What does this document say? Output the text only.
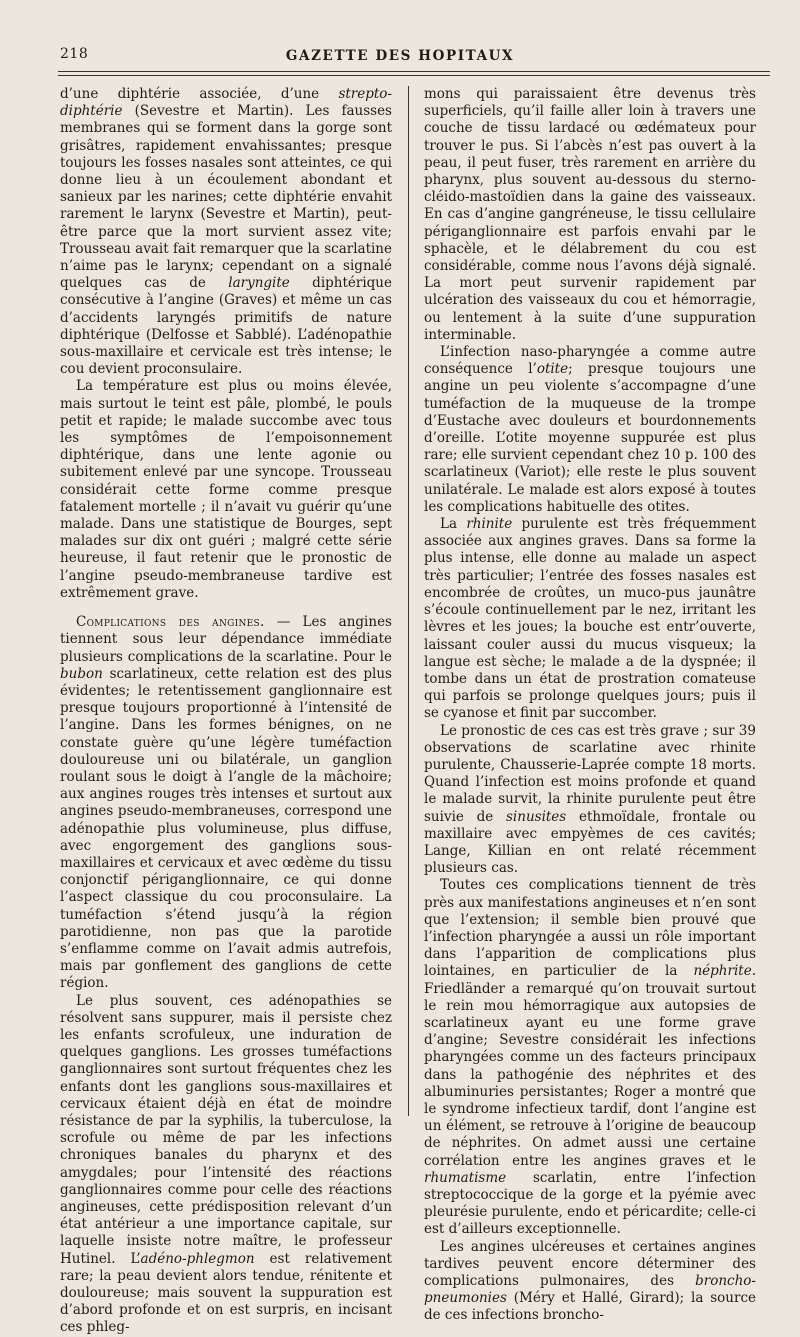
218	GAZETTE DES HOPITAUX

d’une diphtérie associée, d’une strepto-diphtérie (Sevestre et Martin). Les fausses membranes qui se forment dans la gorge sont grisâtres, rapidement envahissantes; presque toujours les fosses nasales sont atteintes, ce qui donne lieu à un écoulement abondant et sanieux par les narines; cette diphtérie envahit rarement le larynx (Sevestre et Martin), peut-être parce que la mort survient assez vite; Trousseau avait fait remarquer que la scarlatine n’aime pas le larynx; cependant on a signalé quelques cas de laryngite diphtérique consécutive à l’angine (Graves) et même un cas d’accidents laryngés primitifs de nature diphtérique (Delfosse et Sabblé). L’adénopathie sous-maxillaire et cervicale est très intense; le cou devient proconsulaire.

La température est plus ou moins élevée, mais surtout le teint est pâle, plombé, le pouls petit et rapide; le malade succombe avec tous les symptômes de l’empoisonnement diphtérique, dans une lente agonie ou subitement enlevé par une syncope. Trousseau considérait cette forme comme presque fatalement mortelle ; il n’avait vu guérir qu’une malade. Dans une statistique de Bourges, sept malades sur dix ont guéri ; malgré cette série heureuse, il faut retenir que le pronostic de l’angine pseudo-membraneuse tardive est extrêmement grave.

Complications des angines. — Les angines tiennent sous leur dépendance immédiate plusieurs complications de la scarlatine. Pour le bubon scarlatineux, cette relation est des plus évidentes; le retentissement ganglionnaire est presque toujours proportionné à l’intensité de l’angine. Dans les formes bénignes, on ne constate guère qu’une légère tuméfaction douloureuse uni ou bilatérale, un ganglion roulant sous le doigt à l’angle de la mâchoire; aux angines rouges très intenses et surtout aux angines pseudo-membraneuses, correspond une adénopathie plus volumineuse, plus diffuse, avec engorgement des ganglions sous-maxillaires et cervicaux et avec œdème du tissu conjonctif périganglionnaire, ce qui donne l’aspect classique du cou proconsulaire. La tuméfaction s’étend jusqu’à la région parotidienne, non pas que la parotide s’enflamme comme on l’avait admis autrefois, mais par gonflement des ganglions de cette région.

Le plus souvent, ces adénopathies se résolvent sans suppurer, mais il persiste chez les enfants scrofuleux, une induration de quelques ganglions. Les grosses tuméfactions ganglionnaires sont surtout fréquentes chez les enfants dont les ganglions sous-maxillaires et cervicaux étaient déjà en état de moindre résistance de par la syphilis, la tuberculose, la scrofule ou même de par les infections chroniques banales du pharynx et des amygdales; pour l’intensité des réactions ganglionnaires comme pour celle des réactions angineuses, cette prédisposition relevant d’un état antérieur a une importance capitale, sur laquelle insiste notre maître, le professeur Hutinel. L’adéno-phlegmon est relativement rare; la peau devient alors tendue, rénitente et douloureuse; mais souvent la suppuration est d’abord profonde et on est surpris, en incisant ces phleg-

mons qui paraissaient être devenus très superficiels, qu’il faille aller loin à travers une couche de tissu lardacé ou œdémateux pour trouver le pus. Si l’abcès n’est pas ouvert à la peau, il peut fuser, très rarement en arrière du pharynx, plus souvent au-dessous du sterno-cléido-mastoïdien dans la gaine des vaisseaux. En cas d’angine gangréneuse, le tissu cellulaire périganglionnaire est parfois envahi par le sphacèle, et le délabrement du cou est considérable, comme nous l’avons déjà signalé. La mort peut survenir rapidement par ulcération des vaisseaux du cou et hémorragie, ou lentement à la suite d’une suppuration interminable.

L’infection naso-pharyngée a comme autre conséquence l’otite; presque toujours une angine un peu violente s’accompagne d’une tuméfaction de la muqueuse de la trompe d’Eustache avec douleurs et bourdonnements d’oreille. L’otite moyenne suppurée est plus rare; elle survient cependant chez 10 p. 100 des scarlatineux (Variot); elle reste le plus souvent unilatérale. Le malade est alors exposé à toutes les complications habituelle des otites.

La rhinite purulente est très fréquemment associée aux angines graves. Dans sa forme la plus intense, elle donne au malade un aspect très particulier; l’entrée des fosses nasales est encombrée de croûtes, un muco-pus jaunâtre s’écoule continuellement par le nez, irritant les lèvres et les joues; la bouche est entr’ouverte, laissant couler aussi du mucus visqueux; la langue est sèche; le malade a de la dyspnée; il tombe dans un état de prostration comateuse qui parfois se prolonge quelques jours; puis il se cyanose et finit par succomber.

Le pronostic de ces cas est très grave ; sur 39 observations de scarlatine avec rhinite purulente, Chausserie-Laprée compte 18 morts. Quand l’infection est moins profonde et quand le malade survit, la rhinite purulente peut être suivie de sinusites ethmoïdale, frontale ou maxillaire avec empyèmes de ces cavités; Lange, Killian en ont relaté récemment plusieurs cas.

Toutes ces complications tiennent de très près aux manifestations angineuses et n’en sont que l’extension; il semble bien prouvé que l’infection pharyngée a aussi un rôle important dans l’apparition de complications plus lointaines, en particulier de la néphrite. Friedländer a remarqué qu’on trouvait surtout le rein mou hémorragique aux autopsies de scarlatineux ayant eu une forme grave d’angine; Sevestre considérait les infections pharyngées comme un des facteurs principaux dans la pathogénie des néphrites et des albuminuries persistantes; Roger a montré que le syndrome infectieux tardif, dont l’angine est un élément, se retrouve à l’origine de beaucoup de néphrites. On admet aussi une certaine corrélation entre les angines graves et le rhumatisme scarlatin, entre l’infection streptococcique de la gorge et la pyémie avec pleurésie purulente, endo et péricardite; celle-ci est d’ailleurs exceptionnelle.

Les angines ulcéreuses et certaines angines tardives peuvent encore déterminer des complications pulmonaires, des broncho-pneumonies (Méry et Hallé, Girard); la source de ces infections broncho-
